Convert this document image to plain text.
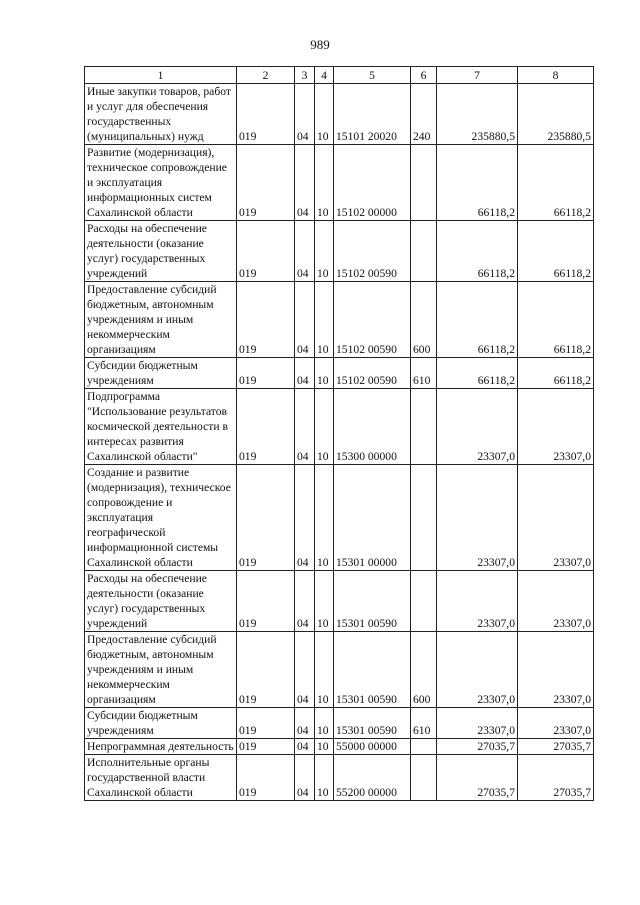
989
1	2	3	4	5	6	7	8
Иные закупки товаров, работ и услуг для обеспечения государственных (муниципальных) нужд	019	04	10	15101 20020	240	235880,5	235880,5
Развитие (модернизация), техническое сопровождение и эксплуатация информационных систем Сахалинской области	019	04	10	15102 00000		66118,2	66118,2
Расходы на обеспечение деятельности (оказание услуг) государственных учреждений	019	04	10	15102 00590		66118,2	66118,2
Предоставление субсидий бюджетным, автономным учреждениям и иным некоммерческим организациям	019	04	10	15102 00590	600	66118,2	66118,2
Субсидии бюджетным учреждениям	019	04	10	15102 00590	610	66118,2	66118,2
Подпрограмма "Использование результатов космической деятельности в интересах развития Сахалинской области"	019	04	10	15300 00000		23307,0	23307,0
Создание и развитие (модернизация), техническое сопровождение и эксплуатация географической информационной системы Сахалинской области	019	04	10	15301 00000		23307,0	23307,0
Расходы на обеспечение деятельности (оказание услуг) государственных учреждений	019	04	10	15301 00590		23307,0	23307,0
Предоставление субсидий бюджетным, автономным учреждениям и иным некоммерческим организациям	019	04	10	15301 00590	600	23307,0	23307,0
Субсидии бюджетным учреждениям	019	04	10	15301 00590	610	23307,0	23307,0
Непрограммная деятельность	019	04	10	55000 00000		27035,7	27035,7
Исполнительные органы государственной власти Сахалинской области	019	04	10	55200 00000		27035,7	27035,7
